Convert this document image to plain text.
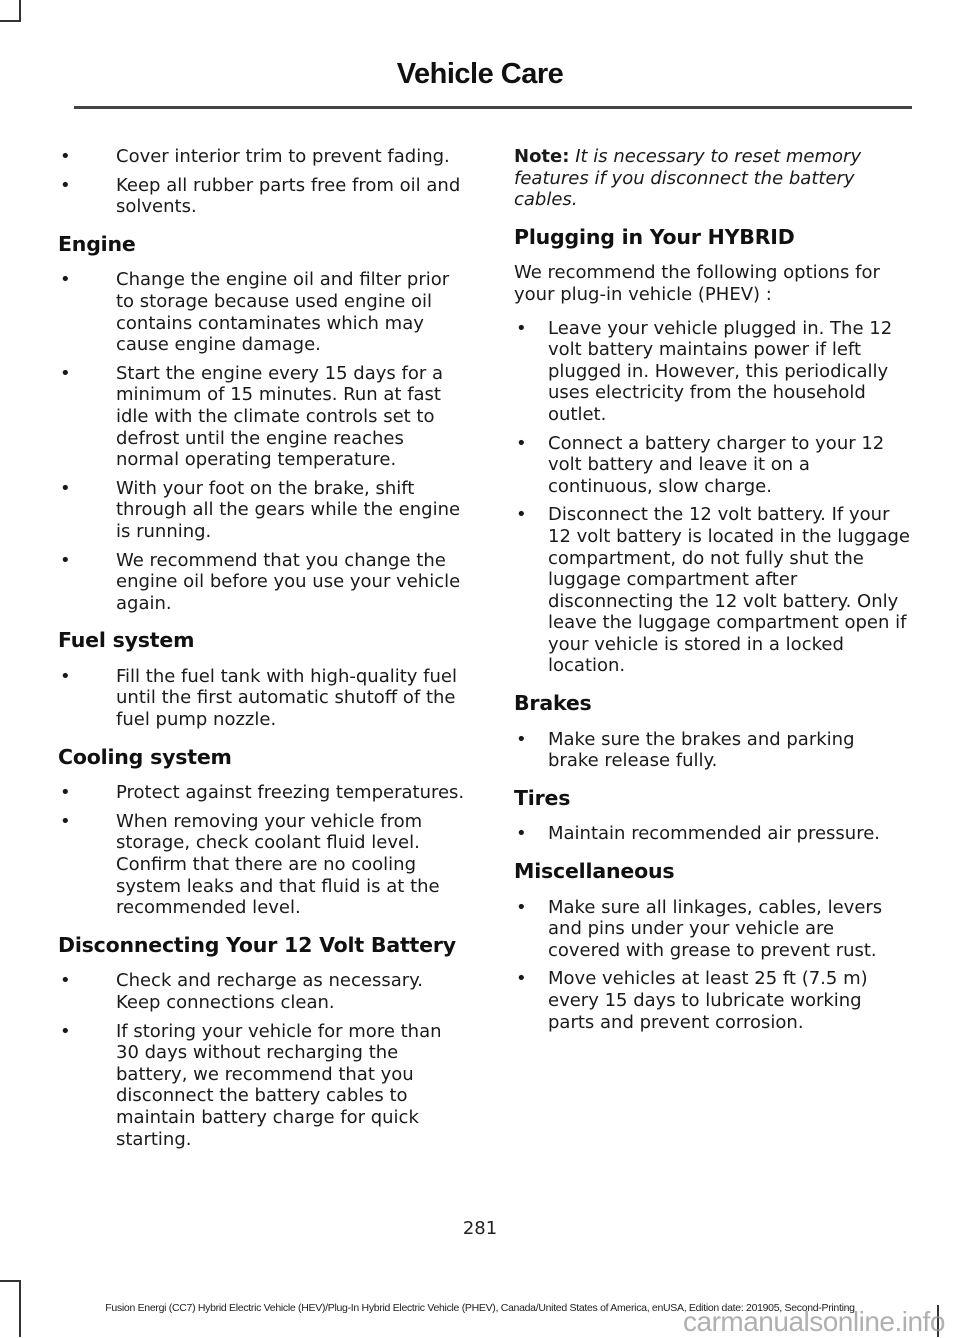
Vehicle Care
•	Cover interior trim to prevent fading.
•	Keep all rubber parts free from oil and solvents.
Engine
•	Change the engine oil and filter prior to storage because used engine oil contains contaminates which may cause engine damage.
•	Start the engine every 15 days for a minimum of 15 minutes. Run at fast idle with the climate controls set to defrost until the engine reaches normal operating temperature.
•	With your foot on the brake, shift through all the gears while the engine is running.
•	We recommend that you change the engine oil before you use your vehicle again.
Fuel system
•	Fill the fuel tank with high-quality fuel until the first automatic shutoff of the fuel pump nozzle.
Cooling system
•	Protect against freezing temperatures.
•	When removing your vehicle from storage, check coolant fluid level. Confirm that there are no cooling system leaks and that fluid is at the recommended level.
Disconnecting Your 12 Volt Battery
•	Check and recharge as necessary. Keep connections clean.
•	If storing your vehicle for more than 30 days without recharging the battery, we recommend that you disconnect the battery cables to maintain battery charge for quick starting.
Note: It is necessary to reset memory features if you disconnect the battery cables.
Plugging in Your HYBRID
We recommend the following options for your plug-in vehicle (PHEV) :
•	Leave your vehicle plugged in. The 12 volt battery maintains power if left plugged in. However, this periodically uses electricity from the household outlet.
•	Connect a battery charger to your 12 volt battery and leave it on a continuous, slow charge.
•	Disconnect the 12 volt battery. If your 12 volt battery is located in the luggage compartment, do not fully shut the luggage compartment after disconnecting the 12 volt battery. Only leave the luggage compartment open if your vehicle is stored in a locked location.
Brakes
•	Make sure the brakes and parking brake release fully.
Tires
•	Maintain recommended air pressure.
Miscellaneous
•	Make sure all linkages, cables, levers and pins under your vehicle are covered with grease to prevent rust.
•	Move vehicles at least 25 ft (7.5 m) every 15 days to lubricate working parts and prevent corrosion.
281
Fusion Energi (CC7) Hybrid Electric Vehicle (HEV)/Plug-In Hybrid Electric Vehicle (PHEV), Canada/United States of America, enUSA, Edition date: 201905, Second-Printing
carmanualsonline.info
